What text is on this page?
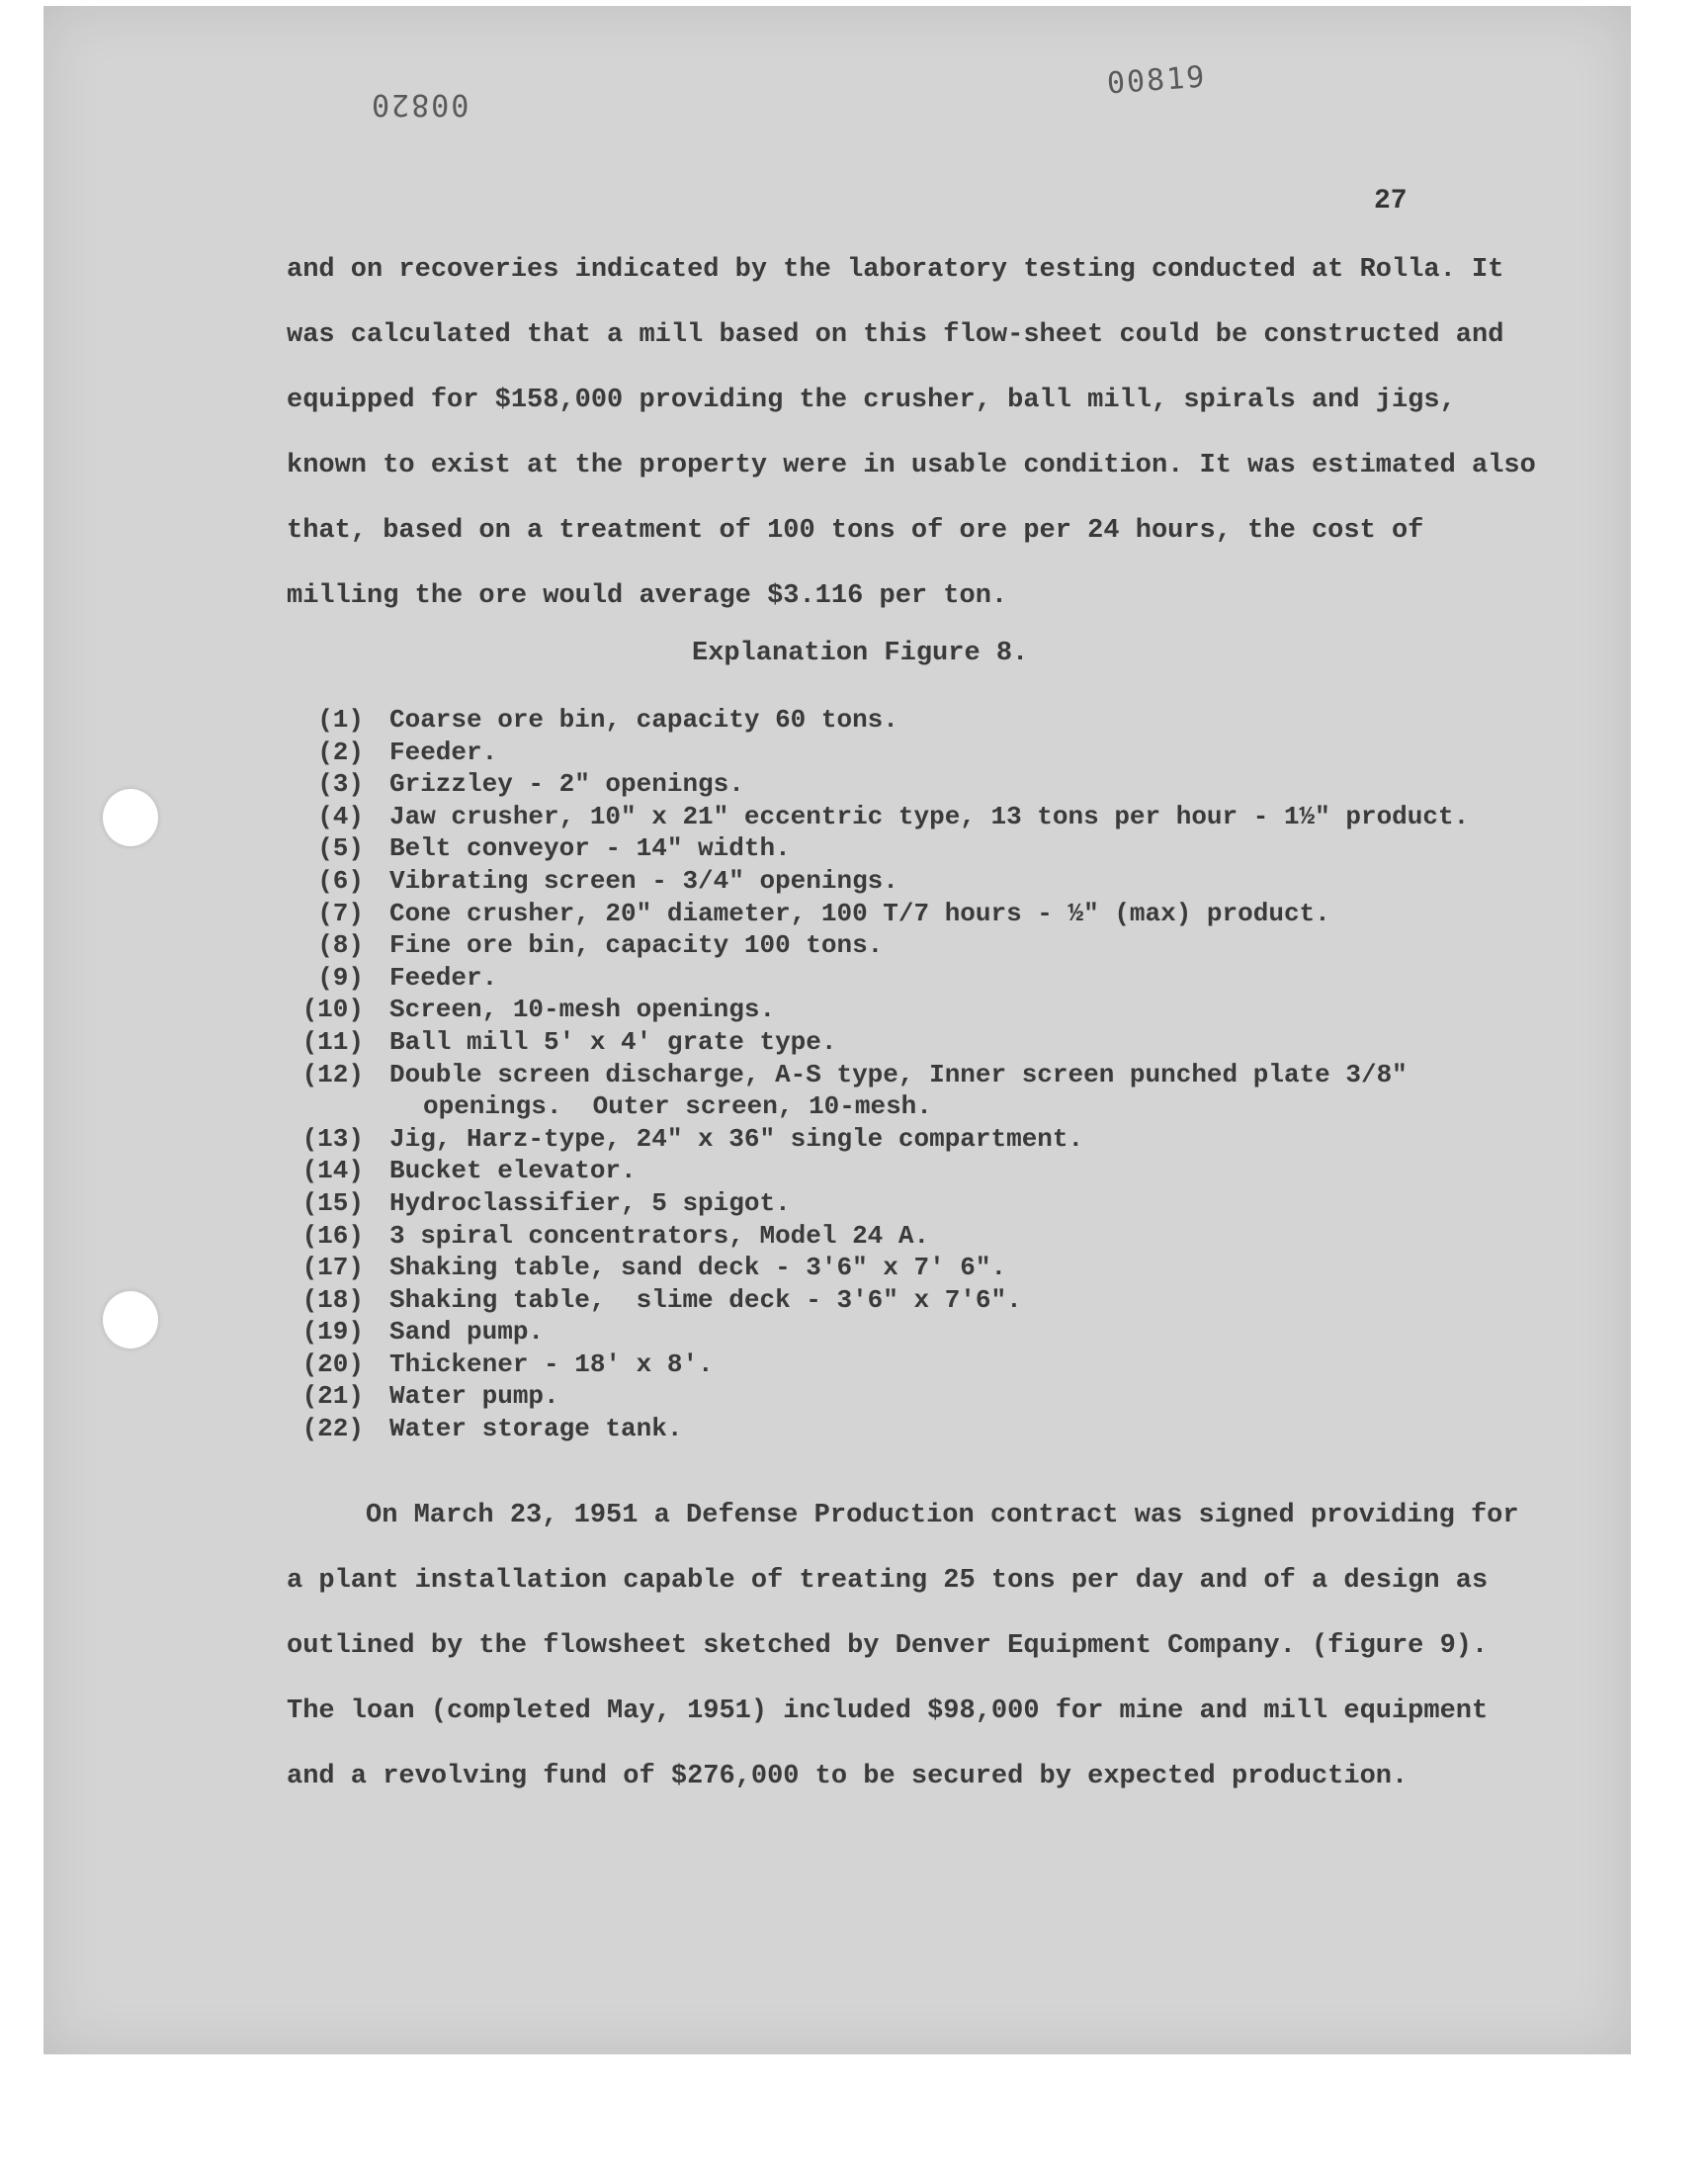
00820
00819
27

and on recoveries indicated by the laboratory testing conducted at Rolla. It was calculated that a mill based on this flow-sheet could be constructed and equipped for $158,000 providing the crusher, ball mill, spirals and jigs, known to exist at the property were in usable condition. It was estimated also that, based on a treatment of 100 tons of ore per 24 hours, the cost of milling the ore would average $3.116 per ton.

Explanation Figure 8.
(1)	Coarse ore bin, capacity 60 tons.
(2)	Feeder.
(3)	Grizzley - 2" openings.
(4)	Jaw crusher, 10" x 21" eccentric type, 13 tons per hour - 1½" product.
(5)	Belt conveyor - 14" width.
(6)	Vibrating screen - 3/4" openings.
(7)	Cone crusher, 20" diameter, 100 T/7 hours - ½" (max) product.
(8)	Fine ore bin, capacity 100 tons.
(9)	Feeder.
(10)	Screen, 10-mesh openings.
(11)	Ball mill 5' x 4' grate type.
(12)	Double screen discharge, A-S type, Inner screen punched plate 3/8"
openings.  Outer screen, 10-mesh.
(13)	Jig, Harz-type, 24" x 36" single compartment.
(14)	Bucket elevator.
(15)	Hydroclassifier, 5 spigot.
(16)	3 spiral concentrators, Model 24 A.
(17)	Shaking table, sand deck - 3'6" x 7' 6".
(18)	Shaking table,  slime deck - 3'6" x 7'6".
(19)	Sand pump.
(20)	Thickener - 18' x 8'.
(21)	Water pump.
(22)	Water storage tank.

On March 23, 1951 a Defense Production contract was signed providing for a plant installation capable of treating 25 tons per day and of a design as outlined by the flowsheet sketched by Denver Equipment Company. (figure 9). The loan (completed May, 1951) included $98,000 for mine and mill equipment and a revolving fund of $276,000 to be secured by expected production.
